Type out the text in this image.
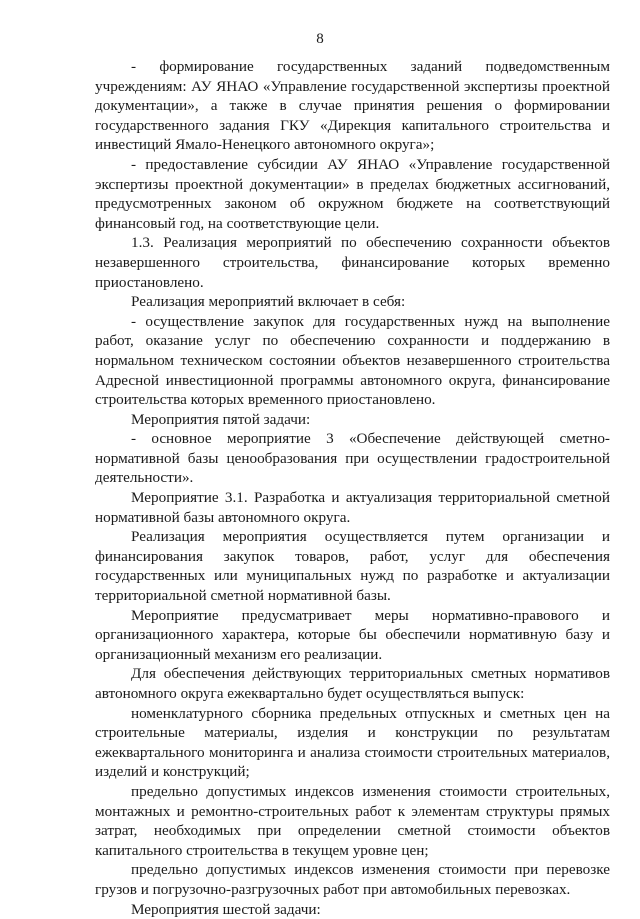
8

- формирование государственных заданий подведомственным учреждениям: АУ ЯНАО «Управление государственной экспертизы проектной документации», а также в случае принятия решения о формировании государственного задания ГКУ «Дирекция капитального строительства и инвестиций Ямало-Ненецкого автономного округа»;

- предоставление субсидии АУ ЯНАО «Управление государственной экспертизы проектной документации» в пределах бюджетных ассигнований, предусмотренных законом об окружном бюджете на соответствующий финансовый год, на соответствующие цели.

1.3. Реализация мероприятий по обеспечению сохранности объектов незавершенного строительства, финансирование которых временно приостановлено.

Реализация мероприятий включает в себя:

- осуществление закупок для государственных нужд на выполнение работ, оказание услуг по обеспечению сохранности и поддержанию в нормальном техническом состоянии объектов незавершенного строительства Адресной инвестиционной программы автономного округа, финансирование строительства которых временного приостановлено.

Мероприятия пятой задачи:

- основное мероприятие 3 «Обеспечение действующей сметно-нормативной базы ценообразования при осуществлении градостроительной деятельности».

Мероприятие 3.1. Разработка и актуализация территориальной сметной нормативной базы автономного округа.

Реализация мероприятия осуществляется путем организации и финансирования закупок товаров, работ, услуг для обеспечения государственных или муниципальных нужд по разработке и актуализации территориальной сметной нормативной базы.

Мероприятие предусматривает меры нормативно-правового и организационного характера, которые бы обеспечили нормативную базу и организационный механизм его реализации.

Для обеспечения действующих территориальных сметных нормативов автономного округа ежеквартально будет осуществляться выпуск:

номенклатурного сборника предельных отпускных и сметных цен на строительные материалы, изделия и конструкции по результатам ежеквартального мониторинга и анализа стоимости строительных материалов, изделий и конструкций;

предельно допустимых индексов изменения стоимости строительных, монтажных и ремонтно-строительных работ к элементам структуры прямых затрат, необходимых при определении сметной стоимости объектов капитального строительства в текущем уровне цен;

предельно допустимых индексов изменения стоимости при перевозке грузов и погрузочно-разгрузочных работ при автомобильных перевозках.

Мероприятия шестой задачи:
